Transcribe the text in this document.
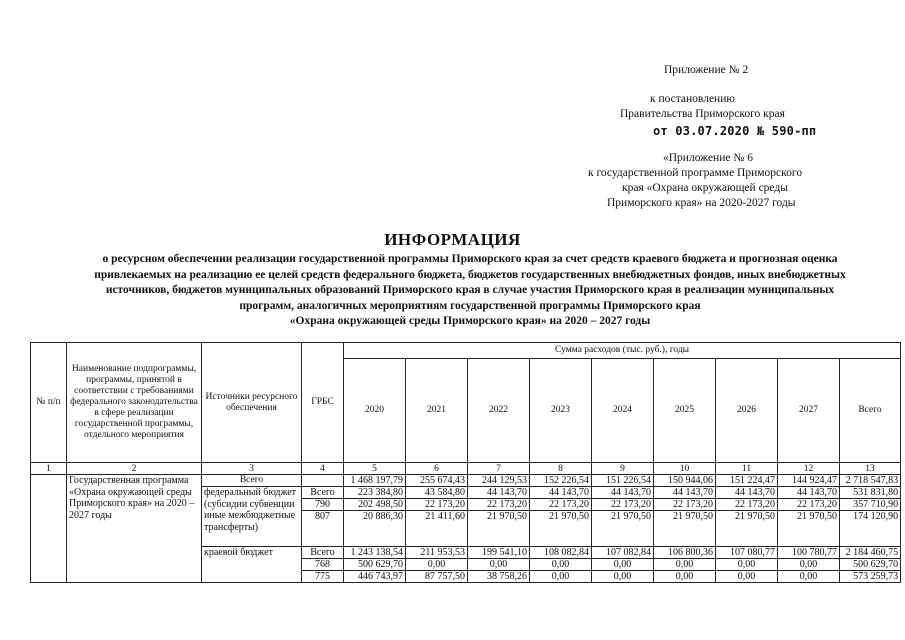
Приложение № 2
к постановлению
Правительства Приморского края
от 03.07.2020 № 590-пп
«Приложение № 6
к государственной программе Приморского
края «Охрана окружающей среды
Приморского края» на 2020-2027 годы
ИНФОРМАЦИЯ
о ресурсном обеспечении реализации государственной программы Приморского края за счет средств краевого бюджета и прогнозная оценка
привлекаемых на реализацию ее целей средств федерального бюджета, бюджетов государственных внебюджетных фондов, иных внебюджетных
источников, бюджетов муниципальных образований Приморского края в случае участия Приморского края в реализации муниципальных
программ, аналогичных мероприятиям государственной программы Приморского края
«Охрана окружающей среды Приморского края» на 2020 – 2027 годы
№ п/п	Наименование подпрограммы, программы, принятой в соответствии с требованиями федерального законодательства в сфере реализации государственной программы, отдельного мероприятия	Источники ресурсного обеспечения	ГРБС	Сумма расходов (тыс. руб.), годы								
				2020	2021	2022	2023	2024	2025	2026	2027	Всего
1	2	3	4	5	6	7	8	9	10	11	12	13
	Государственная программа «Охрана окружающей среды Приморского края» на 2020 – 2027 годы	Всего		1 468 197,79	255 674,43	244 129,53	152 226,54	151 226,54	150 944,06	151 224,47	144 924,47	2 718 547,83
		федеральный бюджет (субсидии субвенции иные межбюджетные трансферты)	Всего	223 384,80	43 584,80	44 143,70	44 143,70	44 143,70	44 143,70	44 143,70	44 143,70	531 831,80
			790	202 498,50	22 173,20	22 173,20	22 173,20	22 173,20	22 173,20	22 173,20	22 173,20	357 710,90
			807	20 886,30	21 411,60	21 970,50	21 970,50	21 970,50	21 970,50	21 970,50	21 970,50	174 120,90
		краевой бюджет	Всего	1 243 138,54	211 953,53	199 541,10	108 082,84	107 082,84	106 800,36	107 080,77	100 780,77	2 184 460,75
			768	500 629,70	0,00	0,00	0,00	0,00	0,00	0,00	0,00	500 629,70
			775	446 743,97	87 757,50	38 758,26	0,00	0,00	0,00	0,00	0,00	573 259,73
